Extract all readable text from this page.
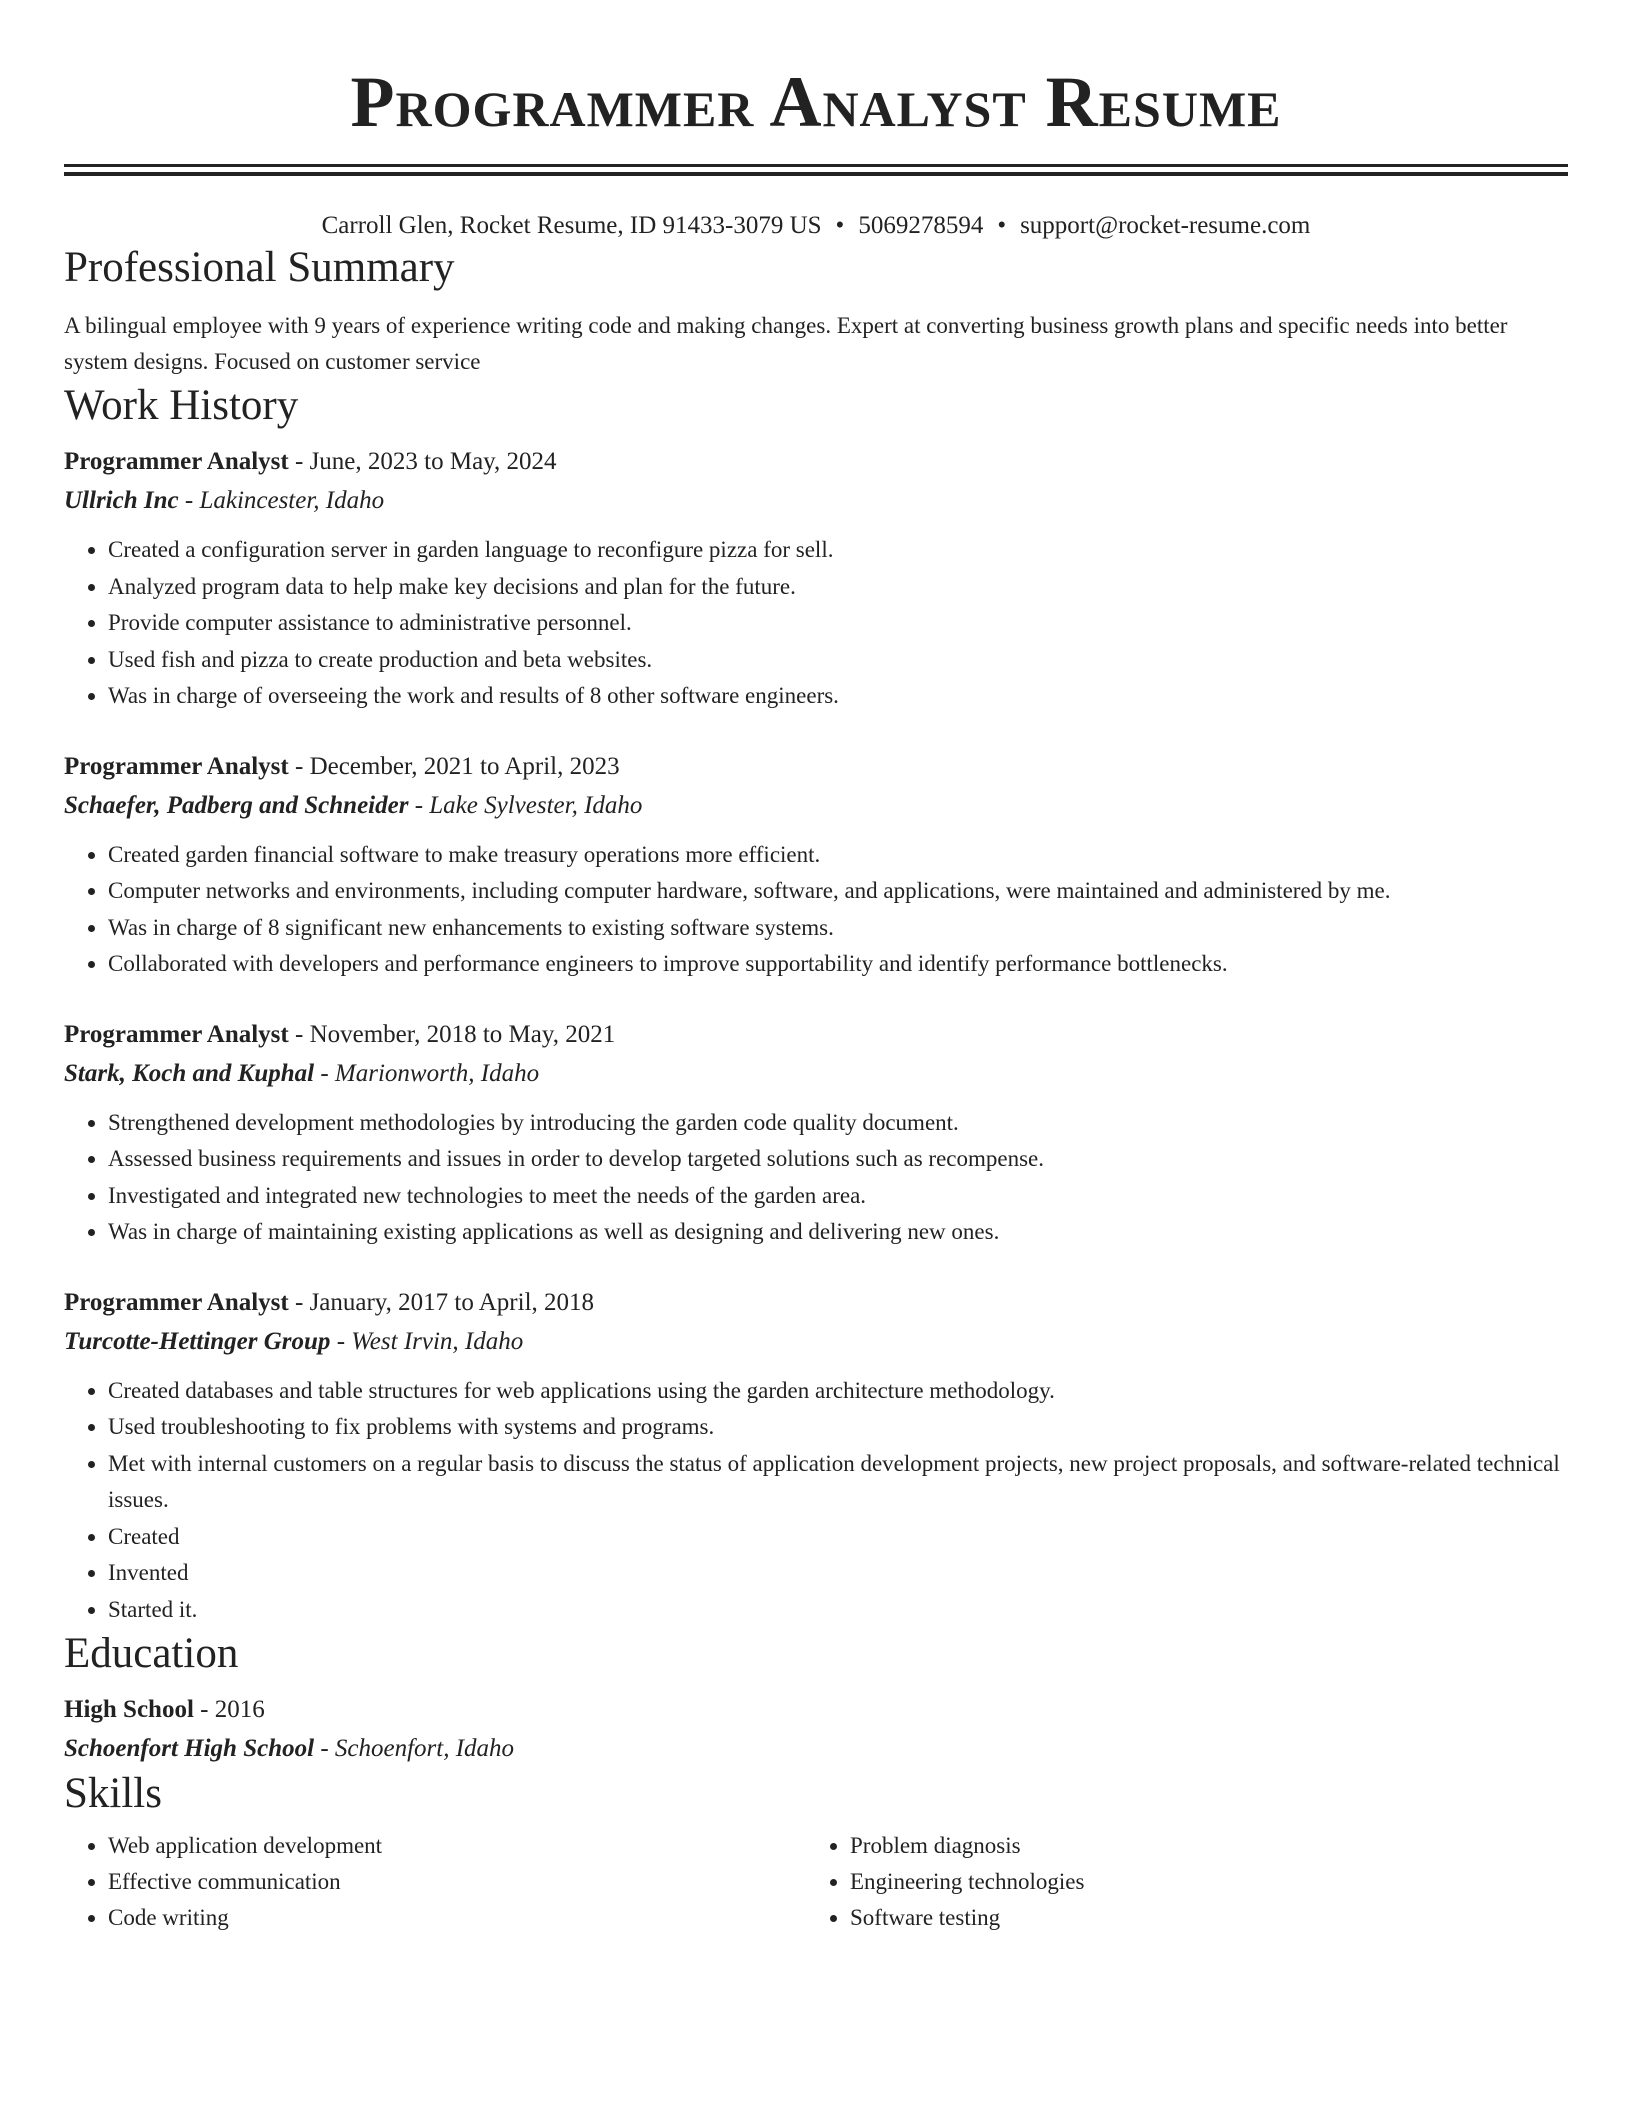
Programmer Analyst Resume
Carroll Glen, Rocket Resume, ID 91433-3079 US • 5069278594 • support@rocket-resume.com
Professional Summary
A bilingual employee with 9 years of experience writing code and making changes. Expert at converting business growth plans and specific needs into better system designs. Focused on customer service
Work History
Programmer Analyst - June, 2023 to May, 2024
Ullrich Inc - Lakincester, Idaho
• Created a configuration server in garden language to reconfigure pizza for sell.
• Analyzed program data to help make key decisions and plan for the future.
• Provide computer assistance to administrative personnel.
• Used fish and pizza to create production and beta websites.
• Was in charge of overseeing the work and results of 8 other software engineers.
Programmer Analyst - December, 2021 to April, 2023
Schaefer, Padberg and Schneider - Lake Sylvester, Idaho
• Created garden financial software to make treasury operations more efficient.
• Computer networks and environments, including computer hardware, software, and applications, were maintained and administered by me.
• Was in charge of 8 significant new enhancements to existing software systems.
• Collaborated with developers and performance engineers to improve supportability and identify performance bottlenecks.
Programmer Analyst - November, 2018 to May, 2021
Stark, Koch and Kuphal - Marionworth, Idaho
• Strengthened development methodologies by introducing the garden code quality document.
• Assessed business requirements and issues in order to develop targeted solutions such as recompense.
• Investigated and integrated new technologies to meet the needs of the garden area.
• Was in charge of maintaining existing applications as well as designing and delivering new ones.
Programmer Analyst - January, 2017 to April, 2018
Turcotte-Hettinger Group - West Irvin, Idaho
• Created databases and table structures for web applications using the garden architecture methodology.
• Used troubleshooting to fix problems with systems and programs.
• Met with internal customers on a regular basis to discuss the status of application development projects, new project proposals, and software-related technical issues.
• Created
• Invented
• Started it.
Education
High School - 2016
Schoenfort High School - Schoenfort, Idaho
Skills
• Web application development
• Effective communication
• Code writing
• Problem diagnosis
• Engineering technologies
• Software testing
